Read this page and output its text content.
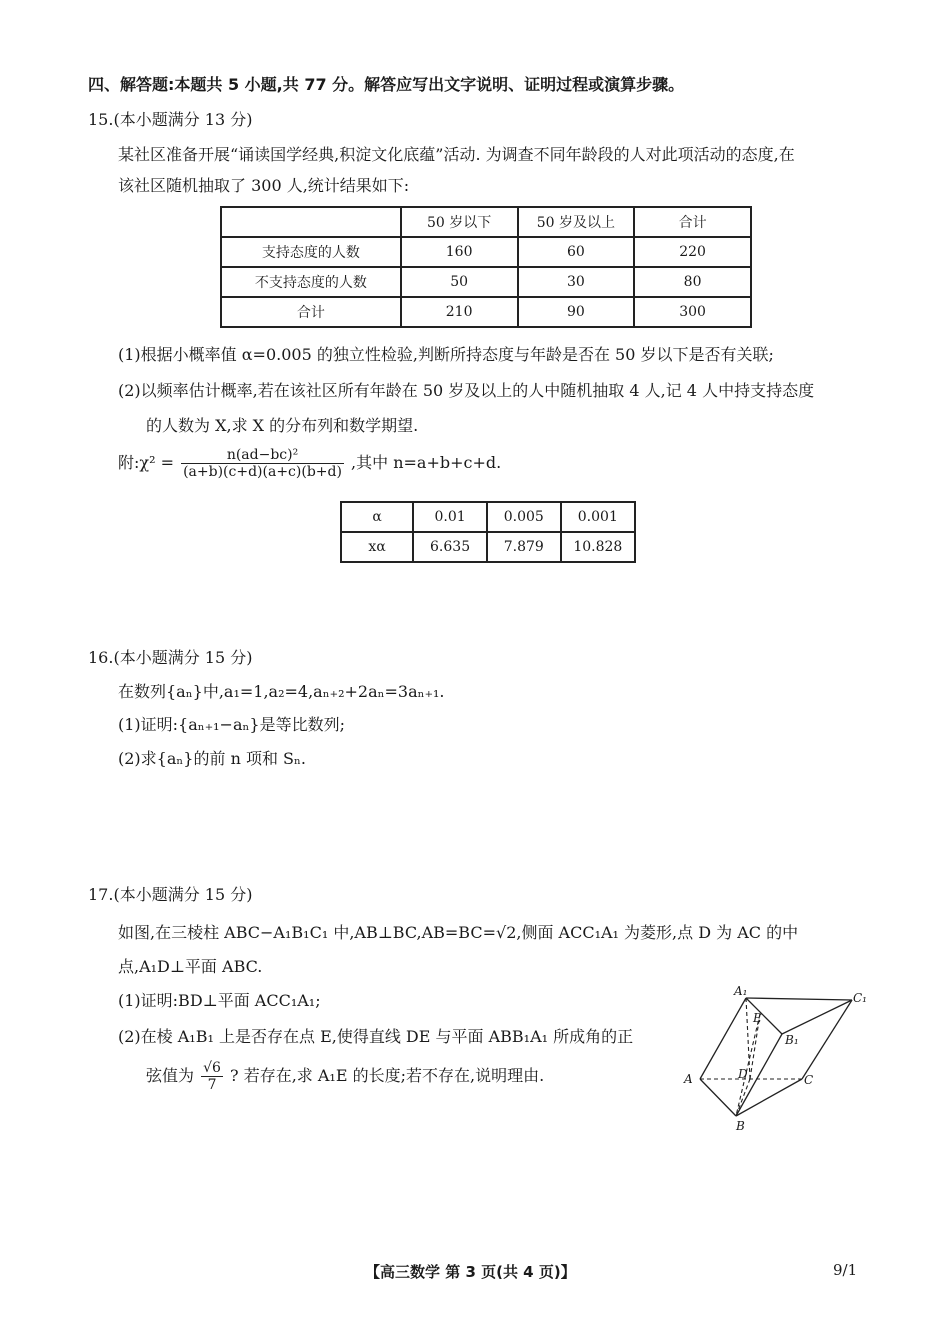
四、解答题:本题共 5 小题,共 77 分。解答应写出文字说明、证明过程或演算步骤。
15.(本小题满分 13 分)
某社区准备开展“诵读国学经典,积淀文化底蕴”活动. 为调查不同年龄段的人对此项活动的态度,在
该社区随机抽取了 300 人,统计结果如下:
	50 岁以下	50 岁及以上	合计
支持态度的人数	160	60	220
不支持态度的人数	50	30	80
合计	210	90	300
(1)根据小概率值 α=0.005 的独立性检验,判断所持态度与年龄是否在 50 岁以下是否有关联;
(2)以频率估计概率,若在该社区所有年龄在 50 岁及以上的人中随机抽取 4 人,记 4 人中持支持态度
的人数为 X,求 X 的分布列和数学期望.
附:χ² = $\frac{\text{n(ad−bc)²}}{(a+b)(c+d)(a+c)(b+d)}$ ,其中 n=a+b+c+d.
α	0.01	0.005	0.001
xα	6.635	7.879	10.828
16.(本小题满分 15 分)
在数列{aₙ}中,a₁=1,a₂=4,aₙ₊₂+2aₙ=3aₙ₊₁.
(1)证明:{aₙ₊₁−aₙ}是等比数列;
(2)求{aₙ}的前 n 项和 Sₙ.
17.(本小题满分 15 分)
如图,在三棱柱 ABC−A₁B₁C₁ 中,AB⊥BC,AB=BC=√2,侧面 ACC₁A₁ 为菱形,点 D 为 AC 的中
点,A₁D⊥平面 ABC.
(1)证明:BD⊥平面 ACC₁A₁;
(2)在棱 A₁B₁ 上是否存在点 E,使得直线 DE 与平面 ABB₁A₁ 所成角的正
弦值为 $\frac{√6}{7}$ ? 若存在,求 A₁E 的长度;若不存在,说明理由.
A₁	C₁
E
B₁
A	D	C
B
【高三数学 第 3 页(共 4 页)】	9/1
